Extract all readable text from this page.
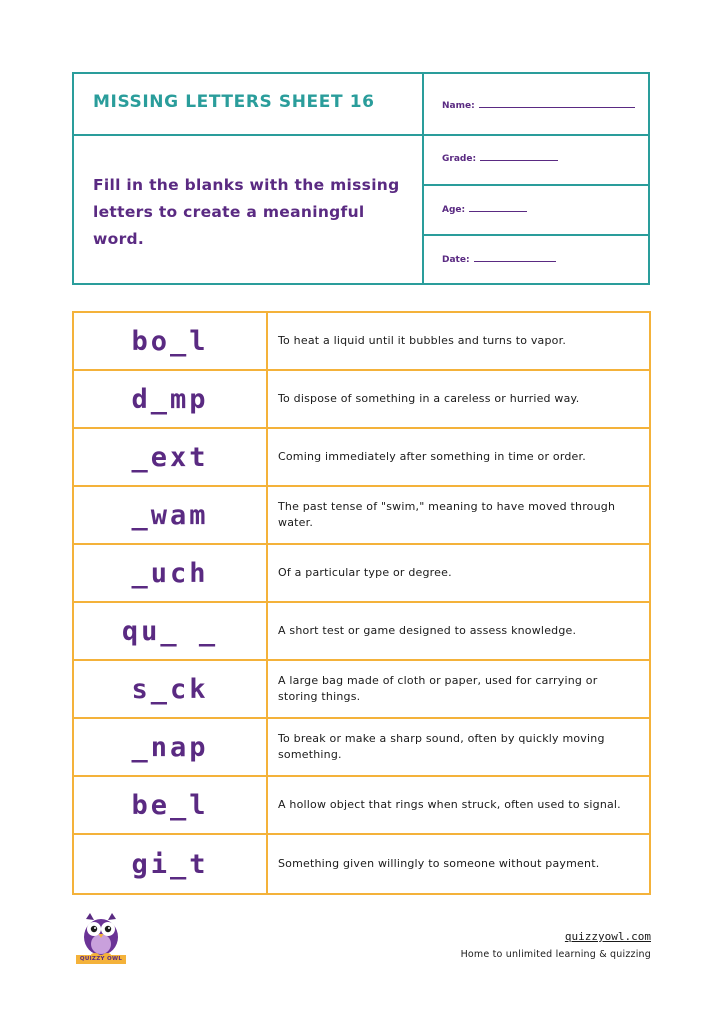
MISSING LETTERS SHEET 16
Fill in the blanks with the missing letters to create a meaningful word.
Name:
Grade:
Age:
Date:
bo_l	To heat a liquid until it bubbles and turns to vapor.
d_mp	To dispose of something in a careless or hurried way.
_ext	Coming immediately after something in time or order.
_wam	The past tense of "swim," meaning to have moved through water.
_uch	Of a particular type or degree.
qu_ _	A short test or game designed to assess knowledge.
s_ck	A large bag made of cloth or paper, used for carrying or storing things.
_nap	To break or make a sharp sound, often by quickly moving something.
be_l	A hollow object that rings when struck, often used to signal.
gi_t	Something given willingly to someone without payment.
QUIZZY OWL
quizzyowl.com
Home to unlimited learning & quizzing
